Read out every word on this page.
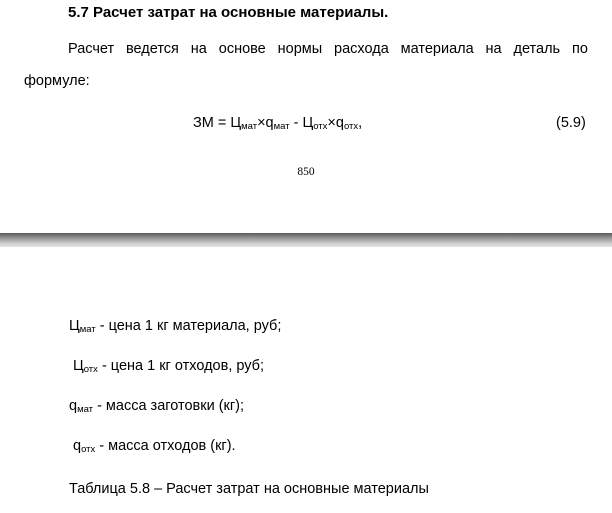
5.7 Расчет затрат на основные материалы.
Расчет ведется на основе нормы расхода материала на деталь по
формуле:
ЗМ = $Ц_{мат}\times q_{мат} - Ц_{отх}\times q_{отх}$,	(5.9)
850
$Ц_{мат}$ - цена 1 кг материала, руб;
$Ц_{отх}$ - цена 1 кг отходов, руб;
$q_{мат}$ - масса заготовки (кг);
$q_{отх}$ - масса отходов (кг).
Таблица 5.8 – Расчет затрат на основные материалы
